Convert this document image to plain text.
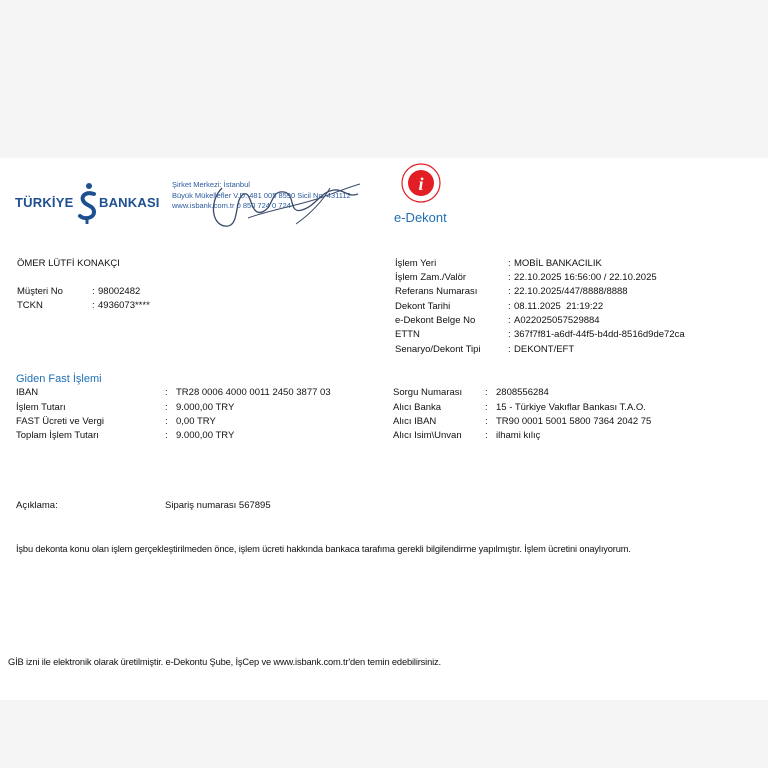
TÜRKİYE BANKASI
Şirket Merkezi: İstanbul
Büyük Mükellefler V.D. 481 005 8590 Sicil No: 431112
www.isbank.com.tr 0 850 724 0 724
i
e-Dekont
ÖMER LÜTFİ KONAKÇI
Müşteri No	: 98002482
TCKN	: 4936073****
İşlem Yeri	: MOBİL BANKACILIK
İşlem Zam./Valör	: 22.10.2025 16:56:00 / 22.10.2025
Referans Numarası	: 22.10.2025/447/8888/8888
Dekont Tarihi	: 08.11.2025  21:19:22
e-Dekont Belge No	: A022025057529884
ETTN	: 367f7f81-a6df-44f5-b4dd-8516d9de72ca
Senaryo/Dekont Tipi	: DEKONT/EFT
Giden Fast İşlemi
IBAN	: TR28 0006 4000 0011 2450 3877 03
İşlem Tutarı	: 9.000,00 TRY
FAST Ücreti ve Vergi	: 0,00 TRY
Toplam İşlem Tutarı	: 9.000,00 TRY
Sorgu Numarası : 2808556284
Alıcı Banka	: 15 - Türkiye Vakıflar Bankası T.A.O.
Alıcı IBAN	: TR90 0001 5001 5800 7364 2042 75
Alıcı Isim\Unvan : ilhami kılıç
Açıklama:	Sipariş numarası 567895
İşbu dekonta konu olan işlem gerçekleştirilmeden önce, işlem ücreti hakkında bankaca tarafıma gerekli bilgilendirme yapılmıştır. İşlem ücretini onaylıyorum.
GİB izni ile elektronik olarak üretilmiştir. e-Dekontu Şube, İşCep ve www.isbank.com.tr'den temin edebilirsiniz.
